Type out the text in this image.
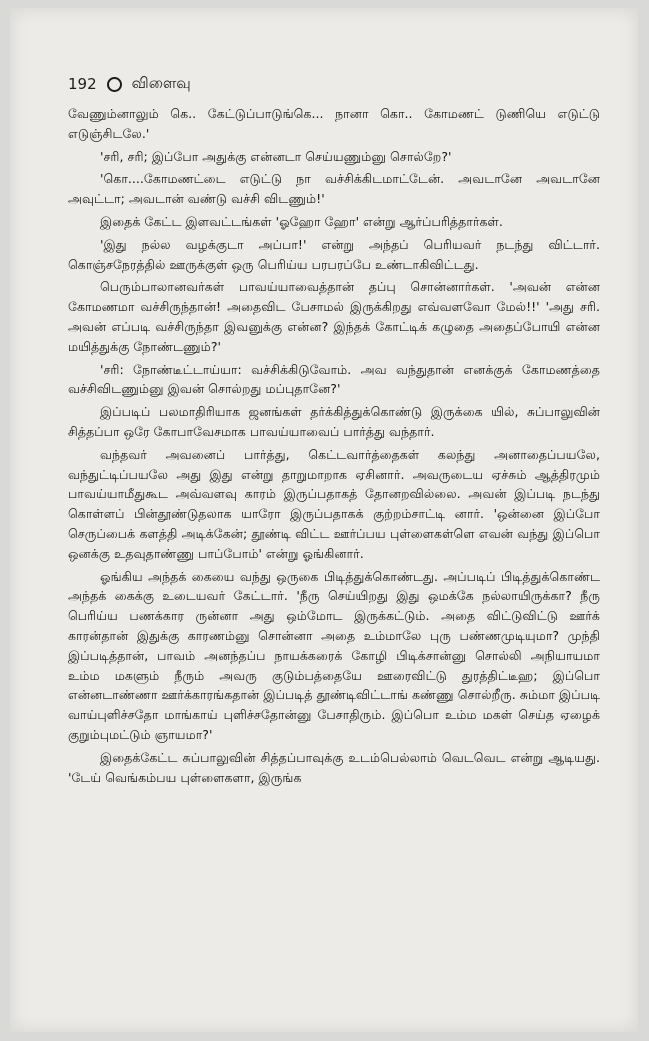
192 விளைவு

வேணும்னாலும் கெ.. கேட்டுப்பாடுங்கெ... நானா கொ.. கோமணட் டுணியெ எடுட்டு எடுஞ்சிடலே.'

'சரி, சரி; இப்போ அதுக்கு என்னடா செய்யணும்னு சொல்றே?'

'கொ....கோமணட்டை எடுட்டு நா வச்சிக்கிடமாட்டேன். அவடானே அவடானே அவுட்டா; அவடான் வண்டு வச்சி விடணும்!'

இதைக் கேட்ட இளவட்டங்கள் 'ஓஹோ ஹோ' என்று ஆர்ப்பரித்தார்கள்.

'இது நல்ல வழக்குடா அப்பா!' என்று அந்தப் பெரியவர் நடந்து விட்டார். கொஞ்சநேரத்தில் ஊருக்குள் ஒரு பெரிய்ய பரபரப்பே உண்டாகிவிட்டது.

பெரும்பாலானவர்கள் பாவய்யாவைத்தான் தப்பு சொன்னார்கள். 'அவன் என்ன கோமணமா வச்சிருந்தான்! அதைவிட பேசாமல் இருக்கிறது எவ்வளவோ மேல்!!' 'அது சரி. அவன் எப்படி வச்சிருந்தா இவனுக்கு என்ன? இந்தக் கோட்டிக் கழுதை அதைப்போயி என்ன மயித்துக்கு நோண்டணும்?'

'சரி: நோண்டீட்டாய்யா: வச்சிக்கிடுவோம். அவ வந்துதான் எனக்குக் கோமணத்தை வச்சிவிடணும்னு இவன் சொல்றது மப்புதானே?'

இப்படிப் பலமாதிரியாக ஜனங்கள் தர்க்கித்துக்கொண்டு இருக்கை யில், சுப்பாலுவின் சித்தப்பா ஒரே கோபாவேசமாக பாவய்யாவைப் பார்த்து வந்தார்.

வந்தவர் அவனைப் பார்த்து, கெட்டவார்த்தைகள் கலந்து அனாதைப்பயலே, வந்துட்டிப்பயலே அது இது என்று தாறுமாறாக ஏசினார். அவருடைய ஏச்சும் ஆத்திரமும் பாவய்யாமீதுகூட அவ்வளவு காரம் இருப்பதாகத் தோனறவில்லை. அவன் இப்படி நடந்து கொள்ளப் பின்தூண்டுதலாக யாரோ இருப்பதாகக் குற்றம்சாட்டி னார். 'ஒன்னை இப்போ செருப்பைக் களத்தி அடிக்கேன்; தூண்டி விட்ட ஊர்ப்பய புள்ளைகள்ளெ எவன் வந்து இப்பொ ஒனக்கு உதவுதாண்ணு பாப்போம்' என்று ஓங்கினார்.

ஓங்கிய அந்தக் கையை வந்து ஒருகை பிடித்துக்கொண்டது. அப்படிப் பிடித்துக்கொண்ட அந்தக் கைக்கு உடையவர் கேட்டார். 'நீரு செய்யிறது இது ஒமக்கே நல்லாயிருக்கா? நீரு பெரிய்ய பணக்கார ருன்னா அது ஒம்மோட இருக்கட்டும். அதை விட்டுவிட்டு ஊர்க் காரன்தான் இதுக்கு காரணம்னு சொன்னா அதை உம்மாலே புரு பண்ணமுடியுமா? முந்தி இப்படித்தான், பாவம் அனந்தப்ப நாயக்கரைக் கோழி பிடிக்சான்னு சொல்லி அநியாயமா உம்ம மகளும் நீரும் அவரு குடும்பத்தையே ஊரைவிட்டு துரத்திட்டீஹ; இப்பொ என்னடாண்ணா ஊர்க்காரங்கதான் இப்படித் தூண்டிவிட்டாங் கண்ணு சொல்றீரு. சும்மா இப்படி வாய்புளிச்சதோ மாங்காய் புளிச்சதோன்னு பேசாதிரும். இப்பொ உம்ம மகள் செய்த ஏழைக் குறும்புமட்டும் ஞாயமா?'

இதைக்கேட்ட சுப்பாலுவின் சித்தப்பாவுக்கு உடம்பெல்லாம் வெடவெட என்று ஆடியது. 'டேய் வெங்கம்பய புள்ளைகளா, இருங்க
